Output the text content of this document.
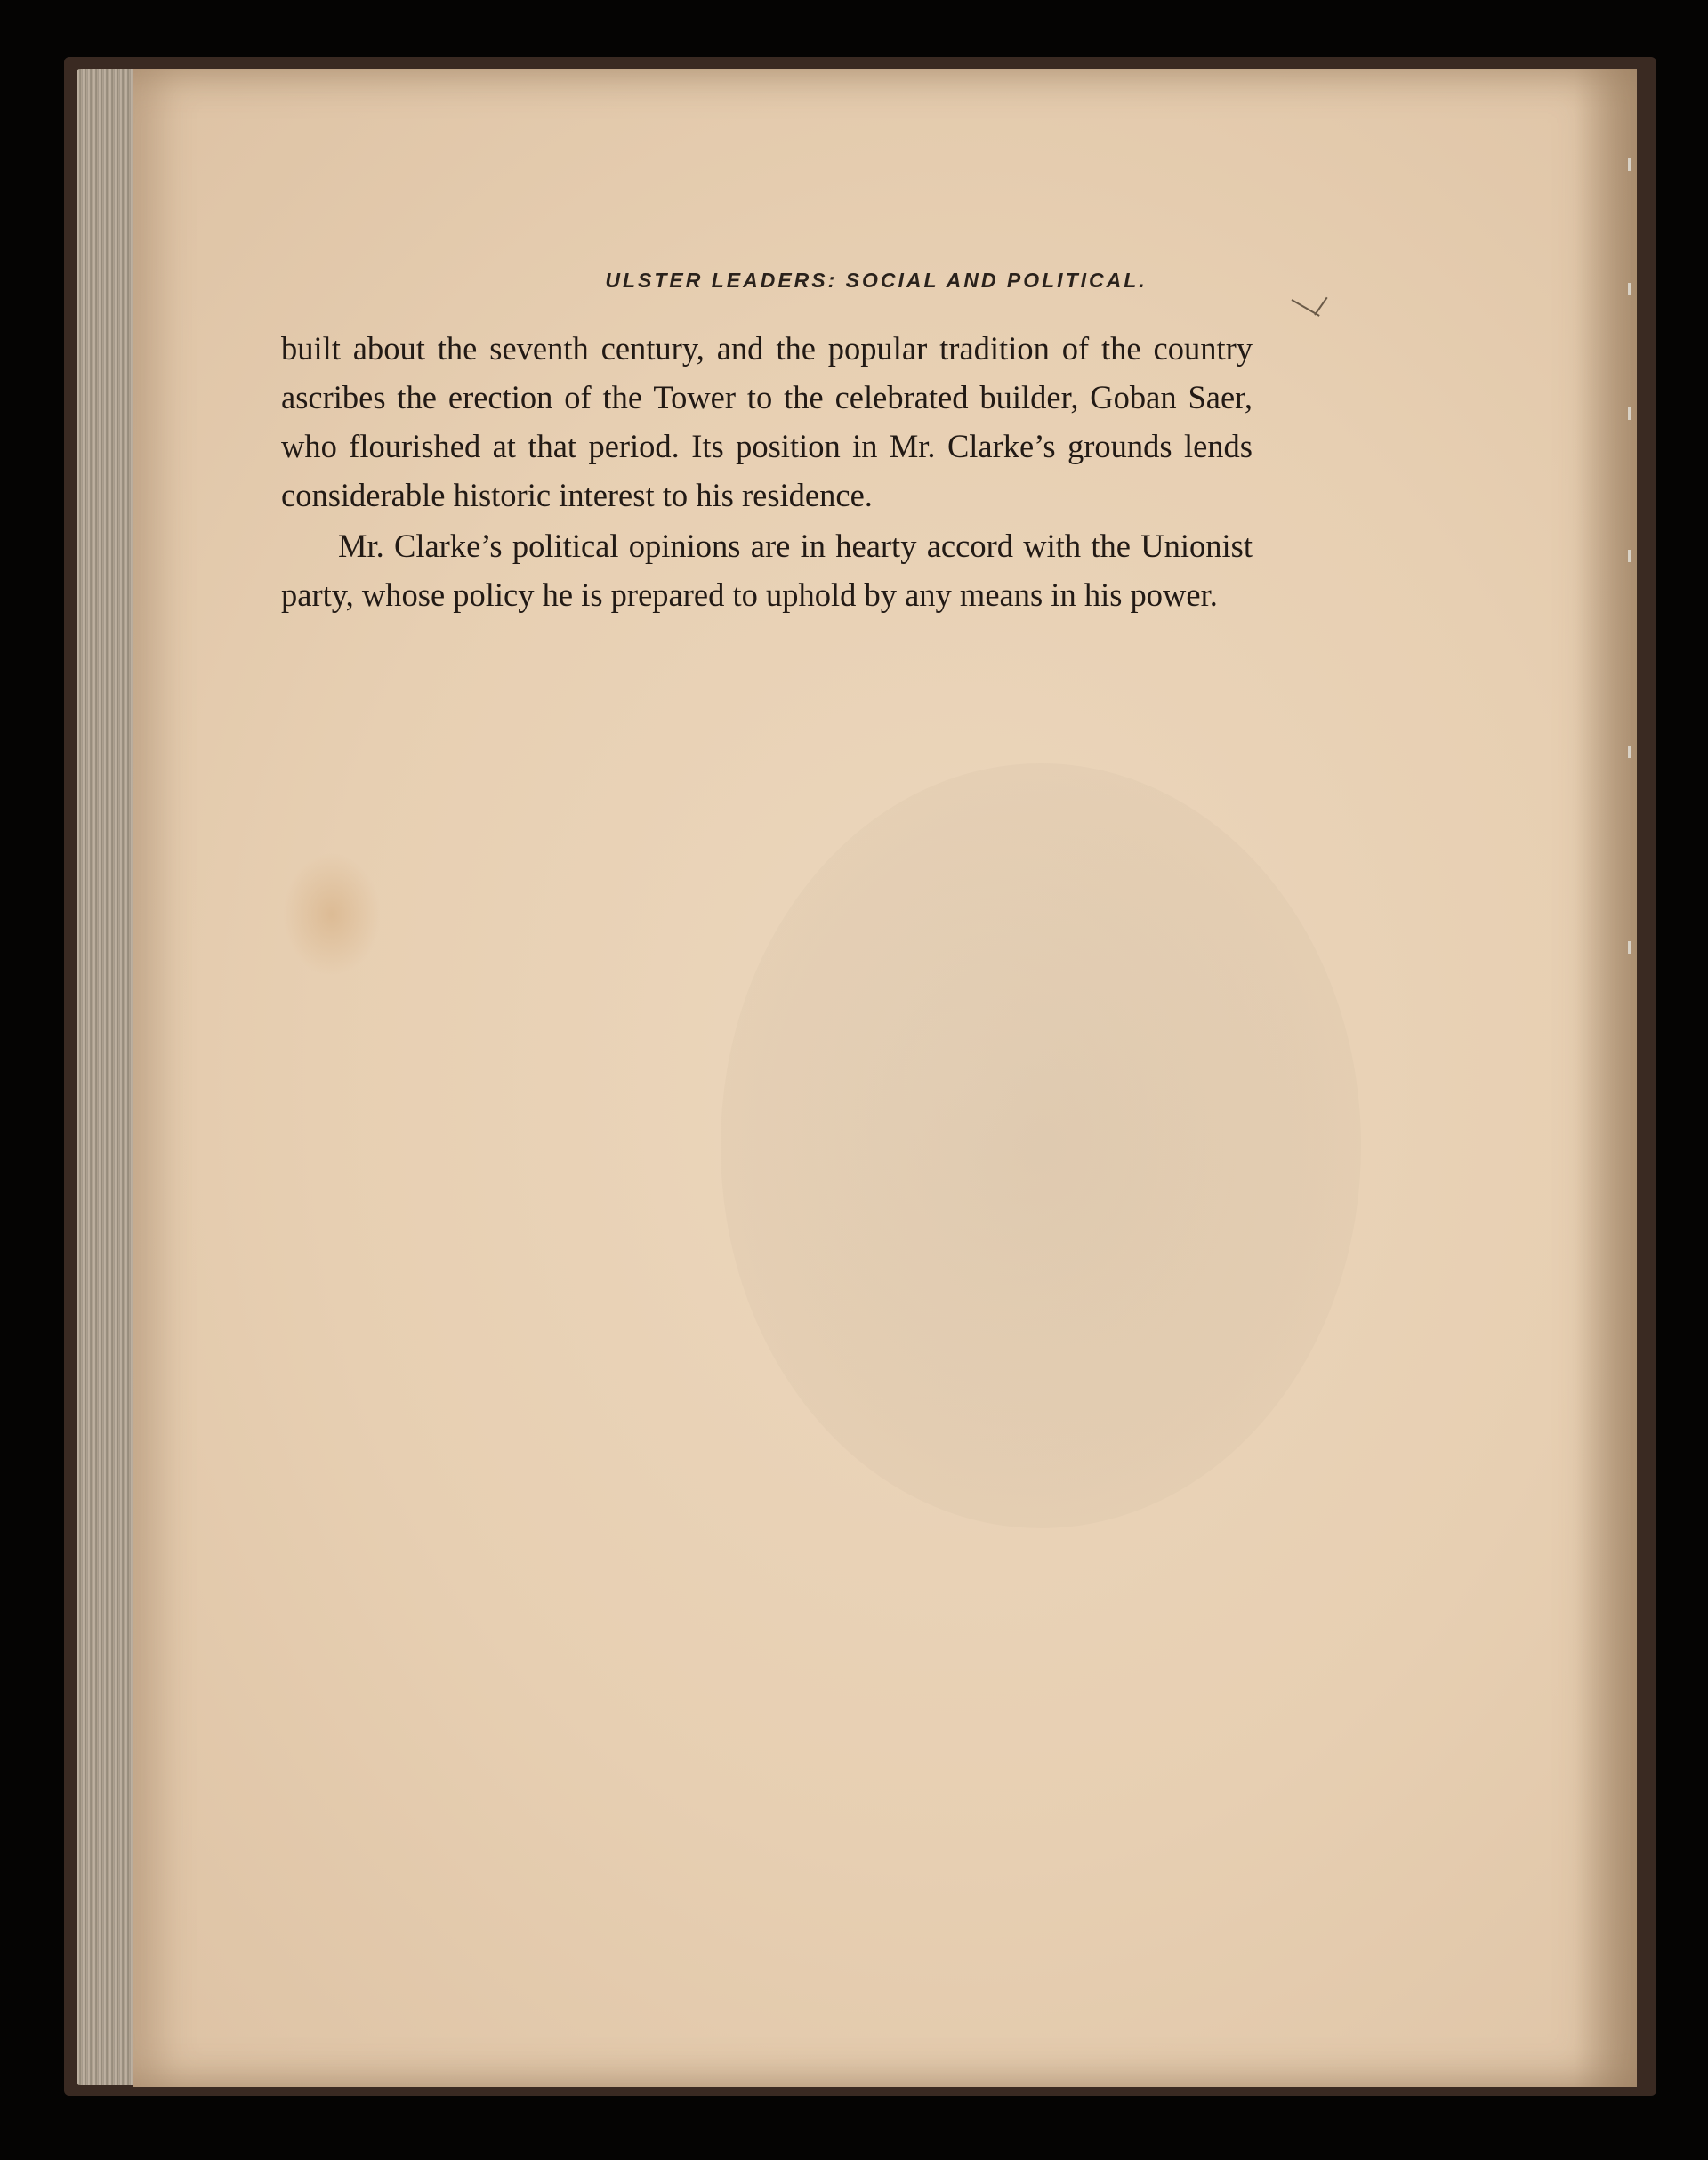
ULSTER LEADERS: SOCIAL AND POLITICAL.

built about the seventh century, and the popular tradition of the country ascribes the erection of the Tower to the celebrated builder, Goban Saer, who flourished at that period. Its position in Mr. Clarke’s grounds lends considerable historic interest to his residence.

Mr. Clarke’s political opinions are in hearty accord with the Unionist party, whose policy he is prepared to uphold by any means in his power.
